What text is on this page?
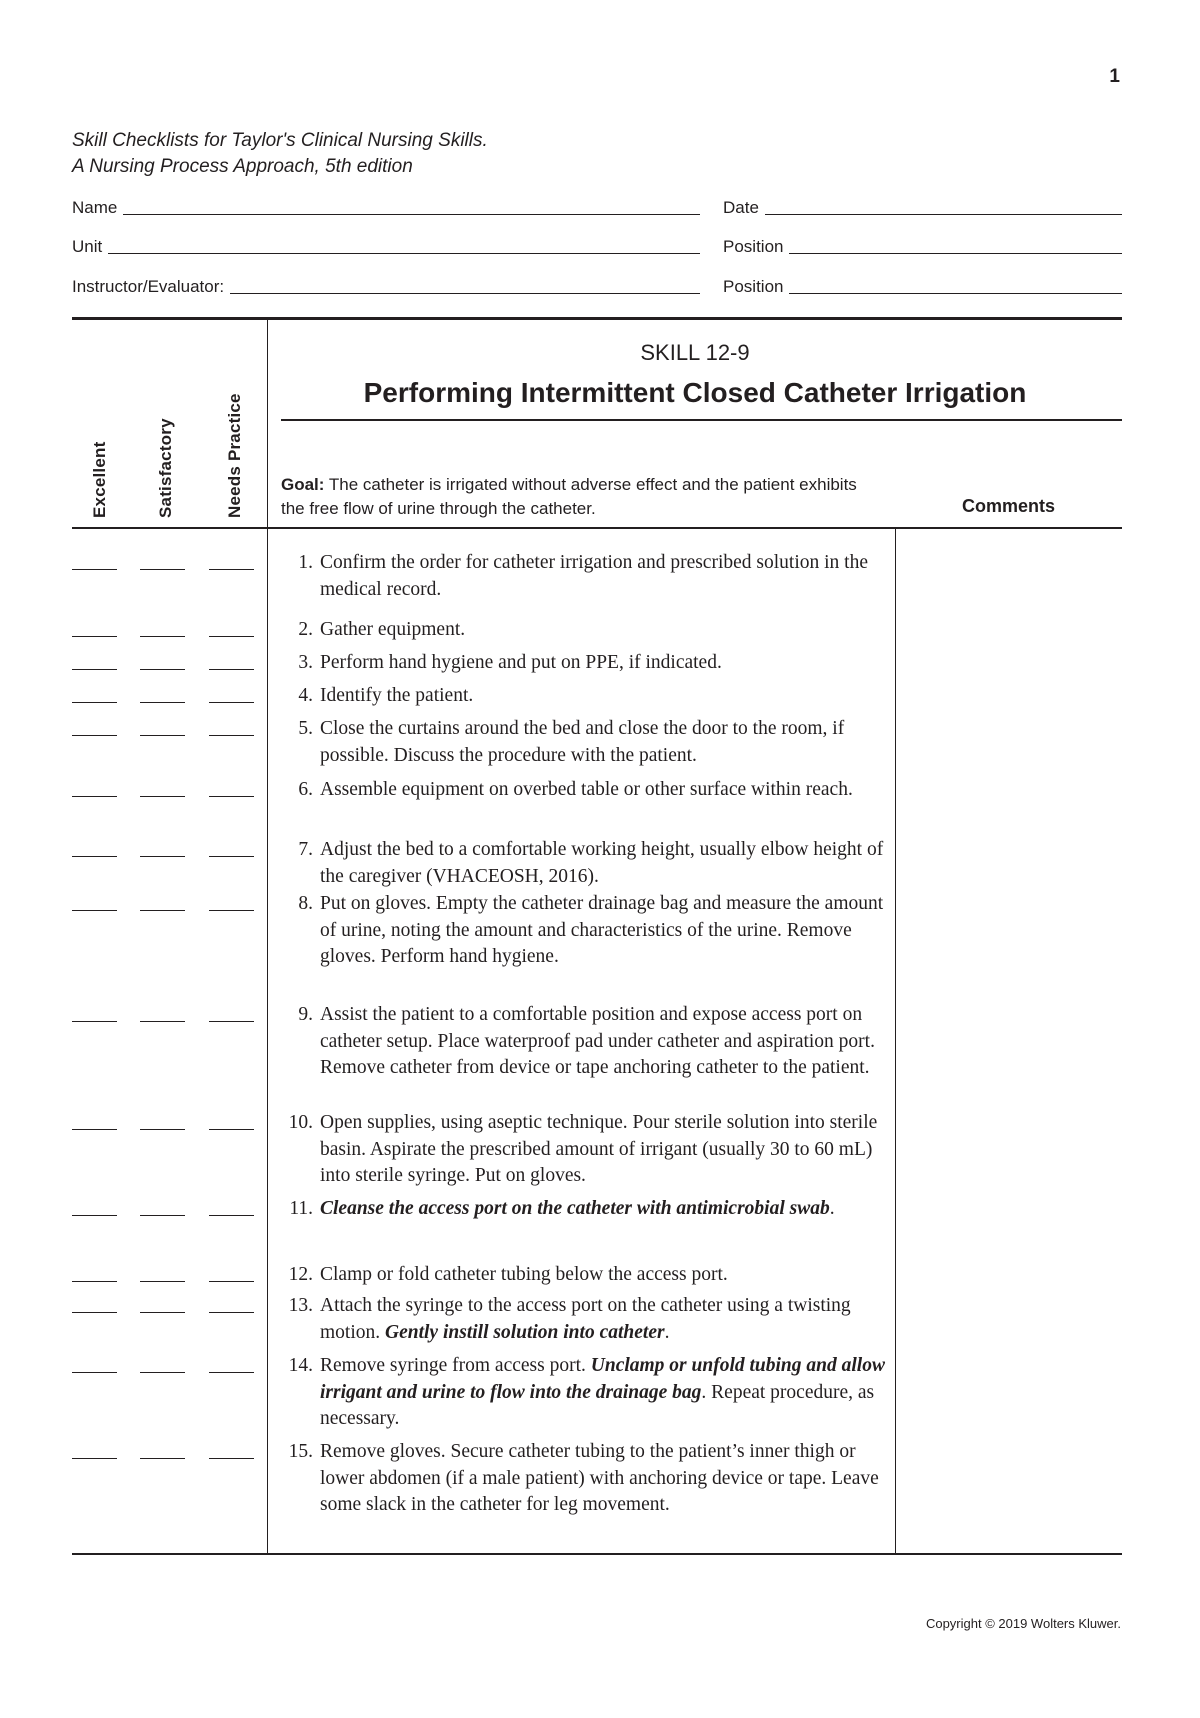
1
Skill Checklists for Taylor's Clinical Nursing Skills.
A Nursing Process Approach, 5th edition
Name	Date
Unit	Position
Instructor/Evaluator:	Position
Excellent	Satisfactory	Needs Practice
SKILL 12-9
Performing Intermittent Closed Catheter Irrigation
Goal: The catheter is irrigated without adverse effect and the patient exhibits the free flow of urine through the catheter.	Comments
1. Confirm the order for catheter irrigation and prescribed solution in the medical record.
2. Gather equipment.
3. Perform hand hygiene and put on PPE, if indicated.
4. Identify the patient.
5. Close the curtains around the bed and close the door to the room, if possible. Discuss the procedure with the patient.
6. Assemble equipment on overbed table or other surface within reach.
7. Adjust the bed to a comfortable working height, usually elbow height of the caregiver (VHACEOSH, 2016).
8. Put on gloves. Empty the catheter drainage bag and measure the amount of urine, noting the amount and characteristics of the urine. Remove gloves. Perform hand hygiene.
9. Assist the patient to a comfortable position and expose access port on catheter setup. Place waterproof pad under catheter and aspiration port. Remove catheter from device or tape anchoring catheter to the patient.
10. Open supplies, using aseptic technique. Pour sterile solution into sterile basin. Aspirate the prescribed amount of irrigant (usually 30 to 60 mL) into sterile syringe. Put on gloves.
11. Cleanse the access port on the catheter with antimicrobial swab.
12. Clamp or fold catheter tubing below the access port.
13. Attach the syringe to the access port on the catheter using a twisting motion. Gently instill solution into catheter.
14. Remove syringe from access port. Unclamp or unfold tubing and allow irrigant and urine to flow into the drainage bag. Repeat procedure, as necessary.
15. Remove gloves. Secure catheter tubing to the patient’s inner thigh or lower abdomen (if a male patient) with anchoring device or tape. Leave some slack in the catheter for leg movement.
Copyright © 2019 Wolters Kluwer.
